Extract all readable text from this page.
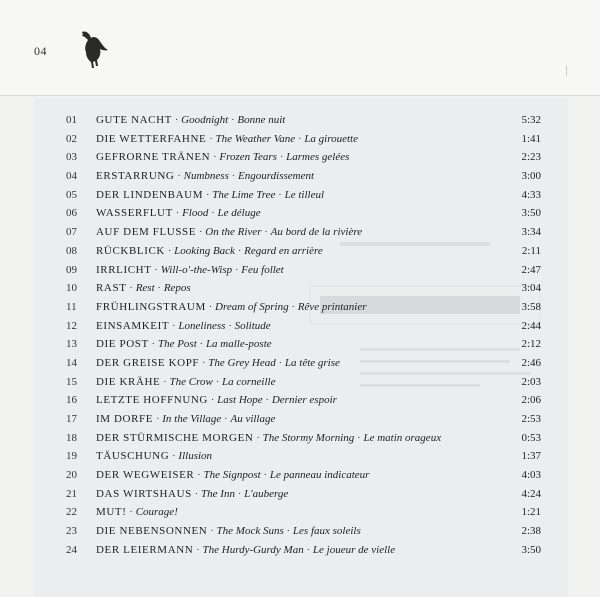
04
01	GUTE NACHT · Goodnight · Bonne nuit	5:32
02	DIE WETTERFAHNE · The Weather Vane · La girouette	1:41
03	GEFRORNE TRÄNEN · Frozen Tears · Larmes gelées	2:23
04	ERSTARRUNG · Numbness · Engourdissement	3:00
05	DER LINDENBAUM · The Lime Tree · Le tilleul	4:33
06	WASSERFLUT · Flood · Le déluge	3:50
07	AUF DEM FLUSSE · On the River · Au bord de la rivière	3:34
08	RÜCKBLICK · Looking Back · Regard en arrière	2:11
09	IRRLICHT · Will-o'-the-Wisp · Feu follet	2:47
10	RAST · Rest · Repos	3:04
11	FRÜHLINGSTRAUM · Dream of Spring · Rêve printanier	3:58
12	EINSAMKEIT · Loneliness · Solitude	2:44
13	DIE POST · The Post · La malle-poste	2:12
14	DER GREISE KOPF · The Grey Head · La tête grise	2:46
15	DIE KRÄHE · The Crow · La corneille	2:03
16	LETZTE HOFFNUNG · Last Hope · Dernier espoir	2:06
17	IM DORFE · In the Village · Au village	2:53
18	DER STÜRMISCHE MORGEN · The Stormy Morning · Le matin orageux	0:53
19	TÄUSCHUNG · Illusion	1:37
20	DER WEGWEISER · The Signpost · Le panneau indicateur	4:03
21	DAS WIRTSHAUS · The Inn · L'auberge	4:24
22	MUT! · Courage!	1:21
23	DIE NEBENSONNEN · The Mock Suns · Les faux soleils	2:38
24	DER LEIERMANN · The Hurdy-Gurdy Man · Le joueur de vielle	3:50
